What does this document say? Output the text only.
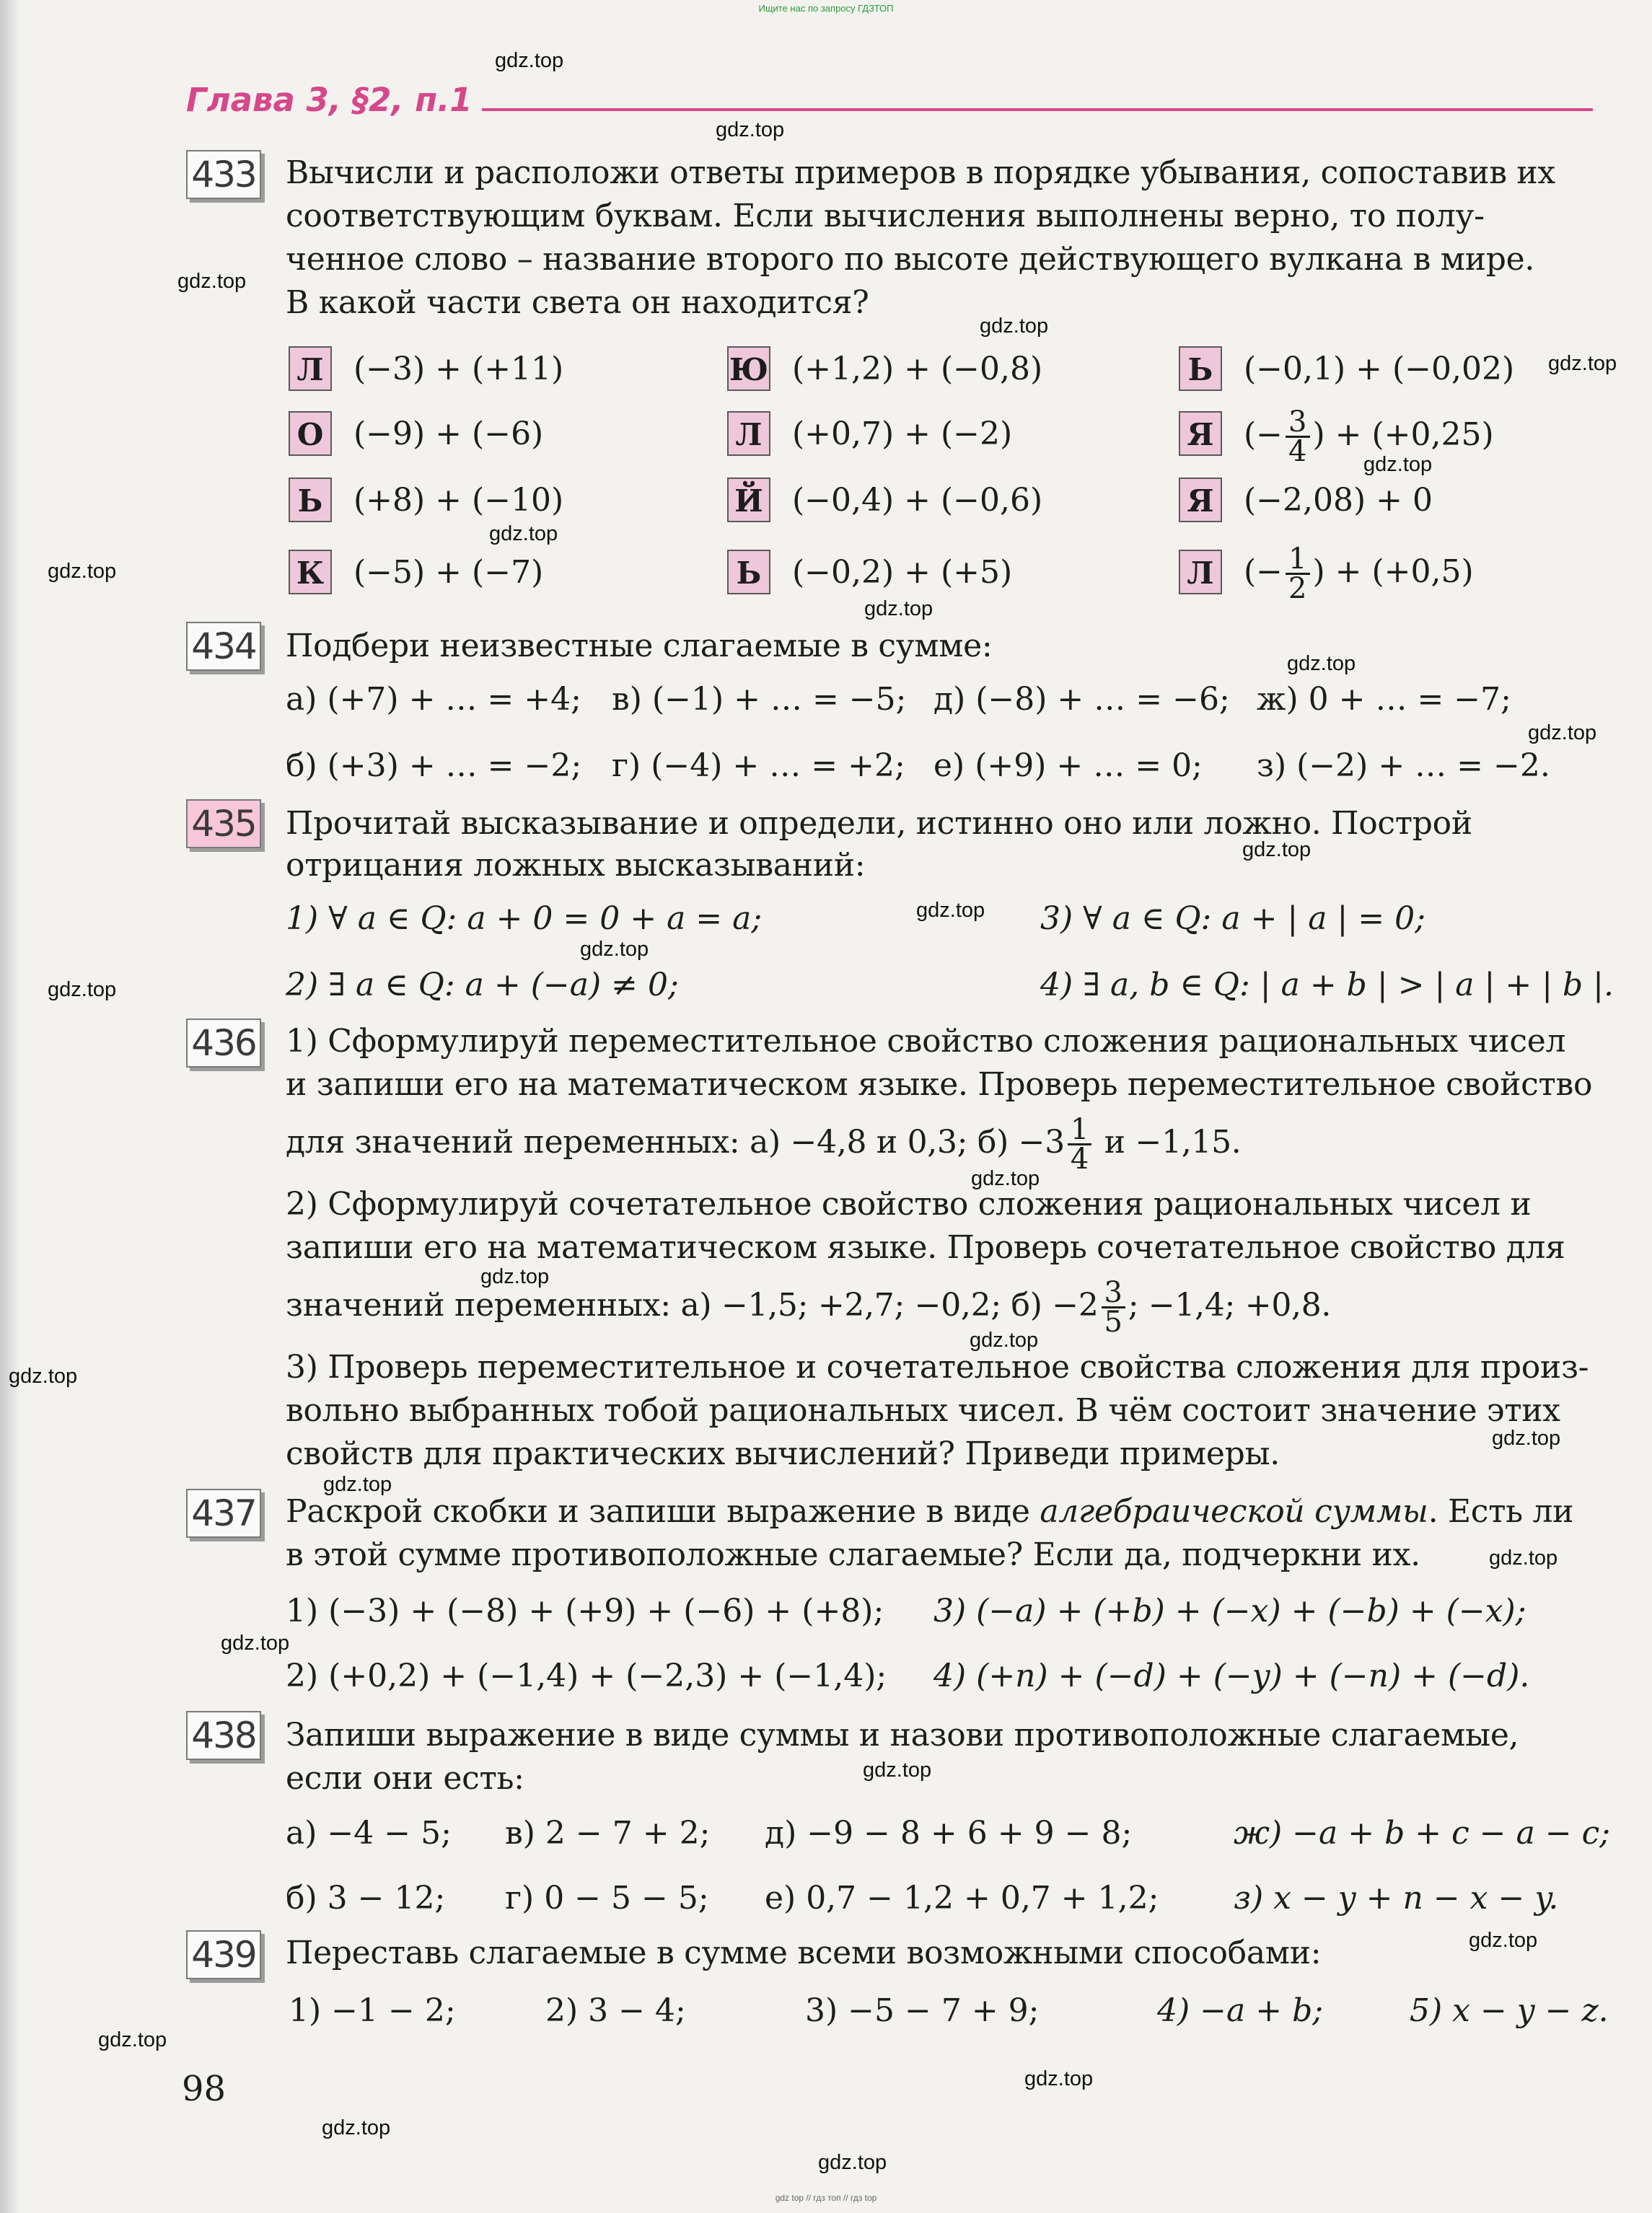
Ищите нас по запросу ГДЗТОП
Глава 3, §2, п.1
gdz.top
gdz.top
gdz.top
gdz.top
gdz.top
gdz.top
gdz.top
gdz.top
gdz.top
gdz.top
gdz.top
gdz.top
gdz.top
gdz.top
gdz.top
gdz.top
gdz.top
gdz.top
gdz.top
gdz.top
gdz.top
gdz.top
gdz.top
gdz.top
gdz.top
gdz.top
gdz.top
gdz.top
gdz.top
433 Вычисли и расположи ответы примеров в порядке убывания, сопоставив их
соответствующим буквам. Если вычисления выполнены верно, то полу-
ченное слово – название второго по высоте действующего вулкана в мире.
В какой части света он находится?
Л (−3) + (+11)	Ю (+1,2) + (−0,8)	Ь (−0,1) + (−0,02)
О (−9) + (−6)	Л (+0,7) + (−2)	Я (− $\frac{3}{4}$ ) + (+0,25)
Ь (+8) + (−10)	Й (−0,4) + (−0,6)	Я (−2,08) + 0
К (−5) + (−7)	Ь (−0,2) + (+5)	Л (− $\frac{1}{2}$ ) + (+0,5)
434 Подбери неизвестные слагаемые в сумме:
а) (+7) + … = +4; в) (−1) + … = −5; д) (−8) + … = −6; ж) 0 + … = −7;
б) (+3) + … = −2; г) (−4) + … = +2; е) (+9) + … = 0; з) (−2) + … = −2.
435 Прочитай высказывание и определи, истинно оно или ложно. Построй
отрицания ложных высказываний:
1) ∀ a ∈ Q: a + 0 = 0 + a = a;	3) ∀ a ∈ Q: a + | a | = 0;
2) ∃ a ∈ Q: a + (−a) ≠ 0;	4) ∃ a, b ∈ Q: | a + b | > | a | + | b |.
436 1) Сформулируй переместительное свойство сложения рациональных чисел
и запиши его на математическом языке. Проверь переместительное свойство
для значений переменных: а) −4,8 и 0,3; $б) -3 \frac{1}{4}$ и −1,15.
2) Сформулируй сочетательное свойство сложения рациональных чисел и
запиши его на математическом языке. Проверь сочетательное свойство для
значений переменных: а) −1,5; +2,7; −0,2; $б) -2 \frac{3}{5}$ ; −1,4; +0,8.
3) Проверь переместительное и сочетательное свойства сложения для произ-
вольно выбранных тобой рациональных чисел. В чём состоит значение этих
свойств для практических вычислений? Приведи примеры.
437 Раскрой скобки и запиши выражение в виде алгебраической суммы. Есть ли
в этой сумме противоположные слагаемые? Если да, подчеркни их.
1) (−3) + (−8) + (+9) + (−6) + (+8); 3) (−a) + (+b) + (−x) + (−b) + (−x);
2) (+0,2) + (−1,4) + (−2,3) + (−1,4); 4) (+n) + (−d) + (−y) + (−n) + (−d).
438 Запиши выражение в виде суммы и назови противоположные слагаемые,
если они есть:
а) −4 − 5; в) 2 − 7 + 2; д) −9 − 8 + 6 + 9 − 8;	ж) −a + b + c − a − c;
б) 3 − 12; г) 0 − 5 − 5; е) 0,7 − 1,2 + 0,7 + 1,2; з) x − y + n − x − y.
439 Переставь слагаемые в сумме всеми возможными способами:
1) −1 − 2;	2) 3 − 4;	3) −5 − 7 + 9;	4) −a + b;	5) x − y − z.
98
gdz top // гдз топ // гдз top
